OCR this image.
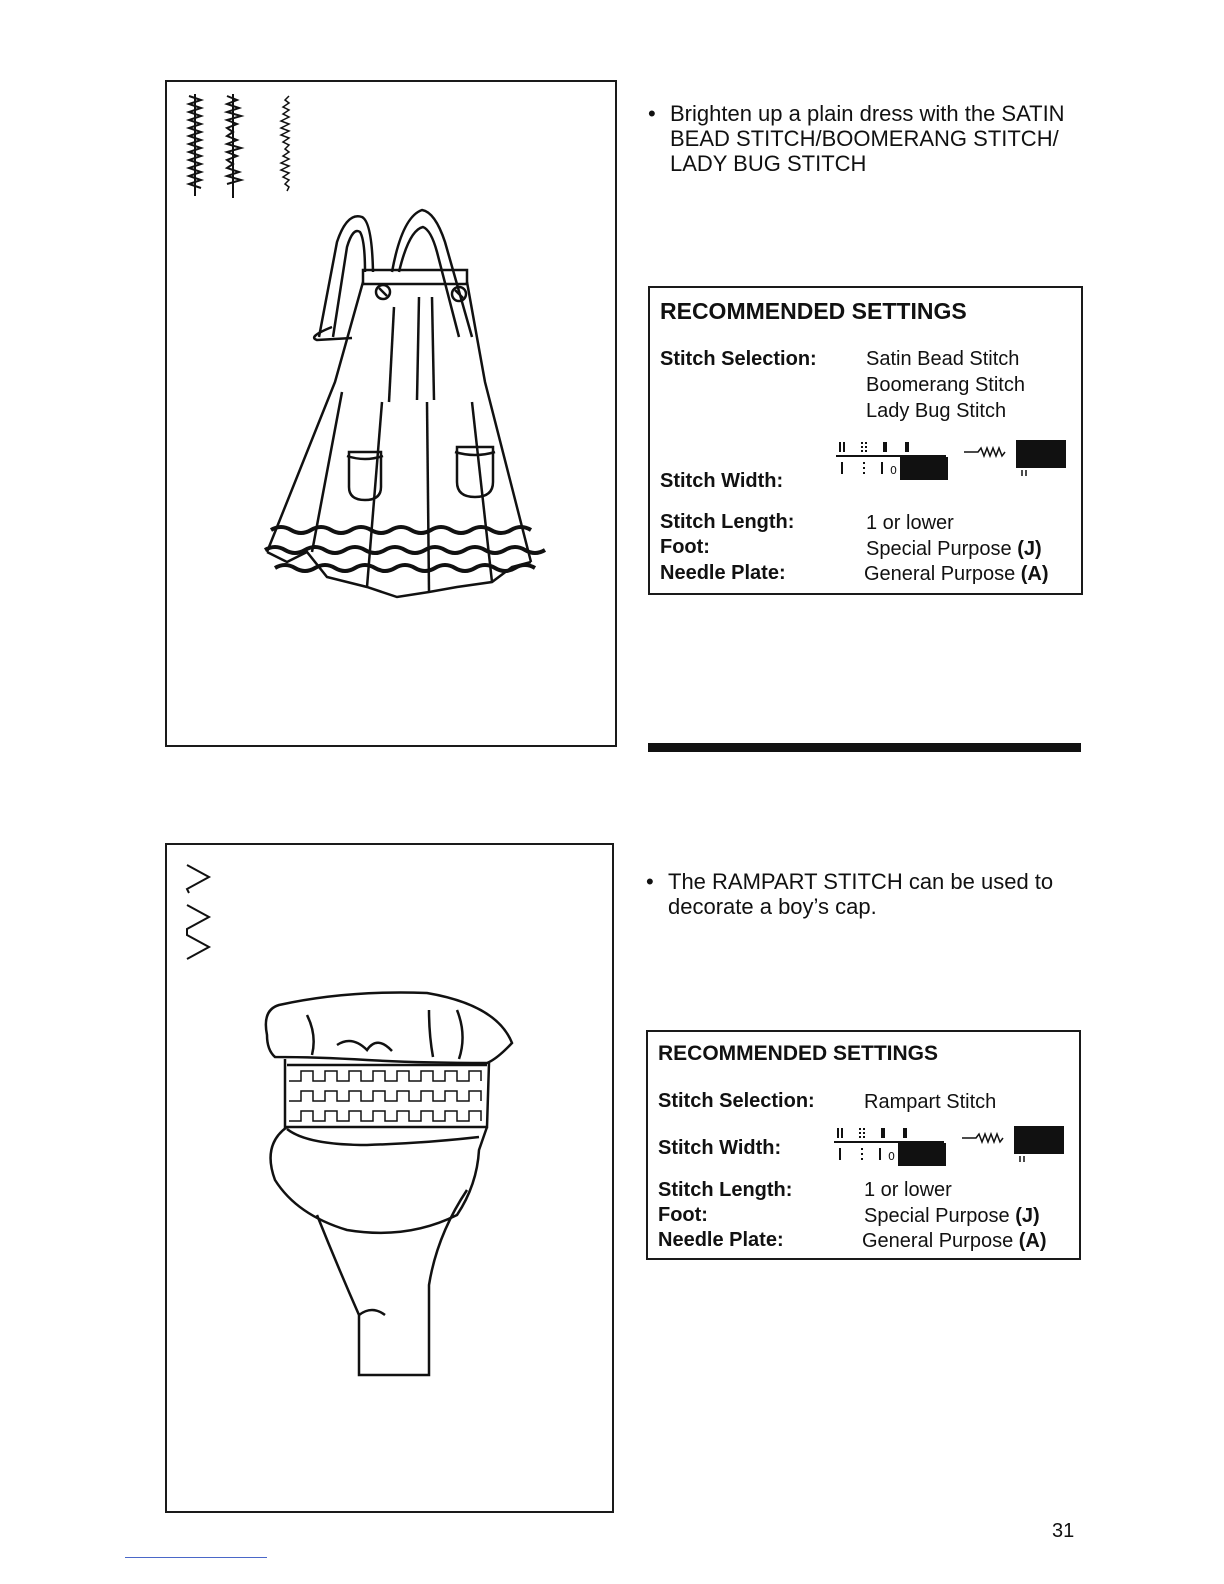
• Brighten up a plain dress with the SATIN
BEAD STITCH/BOOMERANG STITCH/
LADY BUG STITCH
RECOMMENDED SETTINGS
Stitch Selection: Satin Bead Stitch
Boomerang Stitch
Lady Bug Stitch
Stitch Width:	0
Stitch Length:	1 or lower
Foot:	Special Purpose (J)
Needle Plate:	General Purpose (A)
• The RAMPART STITCH can be used to
decorate a boy’s cap.
RECOMMENDED SETTINGS
Stitch Selection: Rampart Stitch
Stitch Width:	0
Stitch Length:	1 or lower
Foot:	Special Purpose (J)
Needle Plate:	General Purpose (A)
31
